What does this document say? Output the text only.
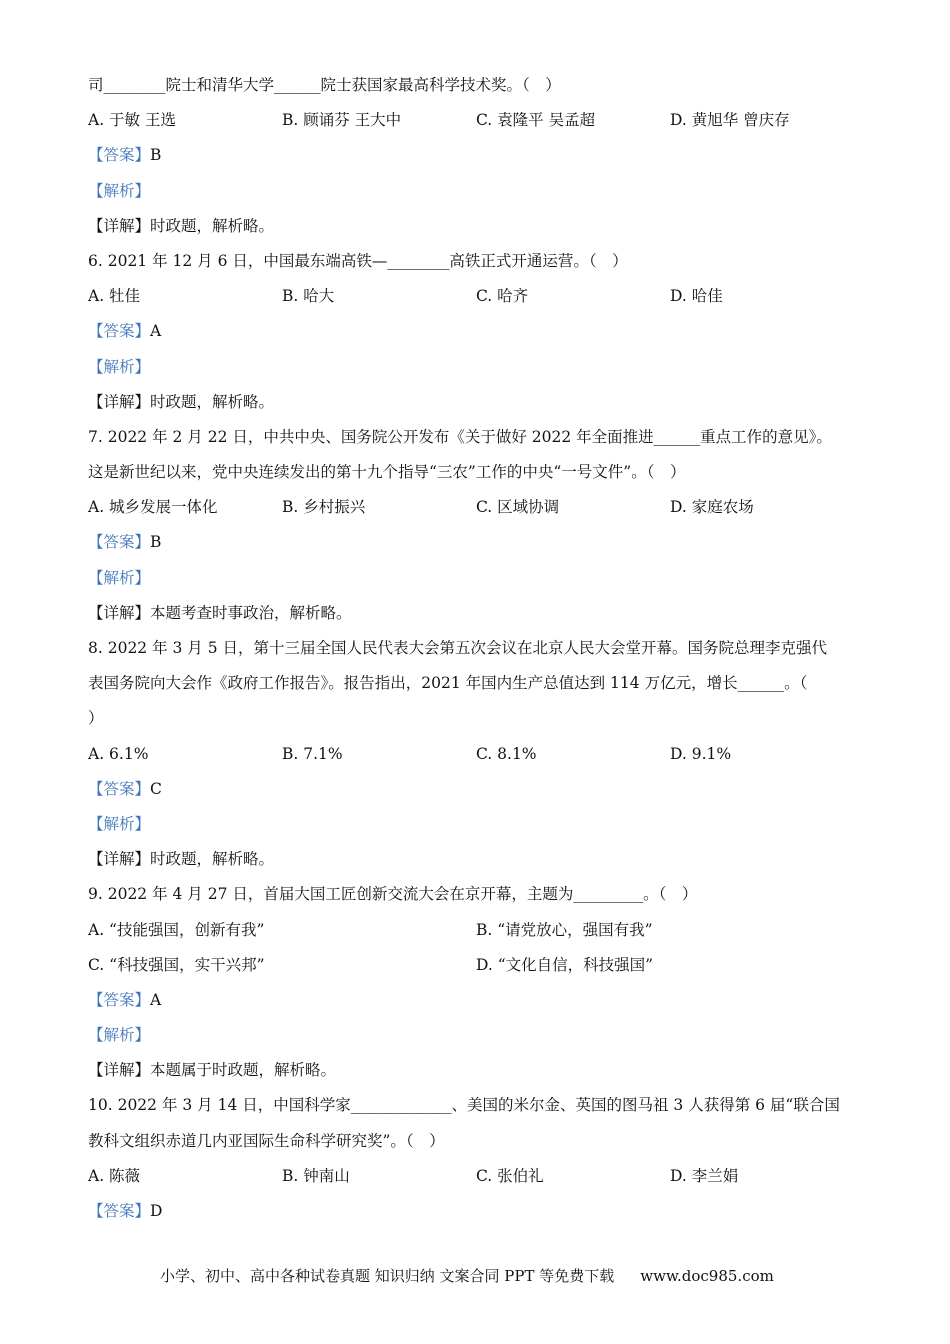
司________院士和清华大学______院士获国家最高科学技术奖。（　）
A. 于敏 王选	B. 顾诵芬 王大中	C. 袁隆平 吴孟超	D. 黄旭华 曾庆存
【答案】B
【解析】
【详解】时政题，解析略。
6. 2021 年 12 月 6 日，中国最东端高铁—________高铁正式开通运营。（　）
A. 牡佳	B. 哈大	C. 哈齐	D. 哈佳
【答案】A
【解析】
【详解】时政题，解析略。
7. 2022 年 2 月 22 日，中共中央、国务院公开发布《关于做好 2022 年全面推进______重点工作的意见》。
这是新世纪以来，党中央连续发出的第十九个指导“三农”工作的中央“一号文件”。（　）
A. 城乡发展一体化	B. 乡村振兴	C. 区域协调	D. 家庭农场
【答案】B
【解析】
【详解】本题考查时事政治，解析略。
8. 2022 年 3 月 5 日，第十三届全国人民代表大会第五次会议在北京人民大会堂开幕。国务院总理李克强代
表国务院向大会作《政府工作报告》。报告指出，2021 年国内生产总值达到 114 万亿元，增长______。（
）
A. 6.1%	B. 7.1%	C. 8.1%	D. 9.1%
【答案】C
【解析】
【详解】时政题，解析略。
9. 2022 年 4 月 27 日，首届大国工匠创新交流大会在京开幕，主题为_________。（　）
A. “技能强国，创新有我”	B. “请党放心，强国有我”
C. “科技强国，实干兴邦”	D. “文化自信，科技强国”
【答案】A
【解析】
【详解】本题属于时政题，解析略。
10. 2022 年 3 月 14 日，中国科学家_____________、美国的米尔金、英国的图马祖 3 人获得第 6 届“联合国
教科文组织赤道几内亚国际生命科学研究奖”。（　）
A. 陈薇	B. 钟南山	C. 张伯礼	D. 李兰娟
【答案】D
小学、初中、高中各种试卷真题 知识归纳 文案合同 PPT 等免费下载 www.doc985.com
